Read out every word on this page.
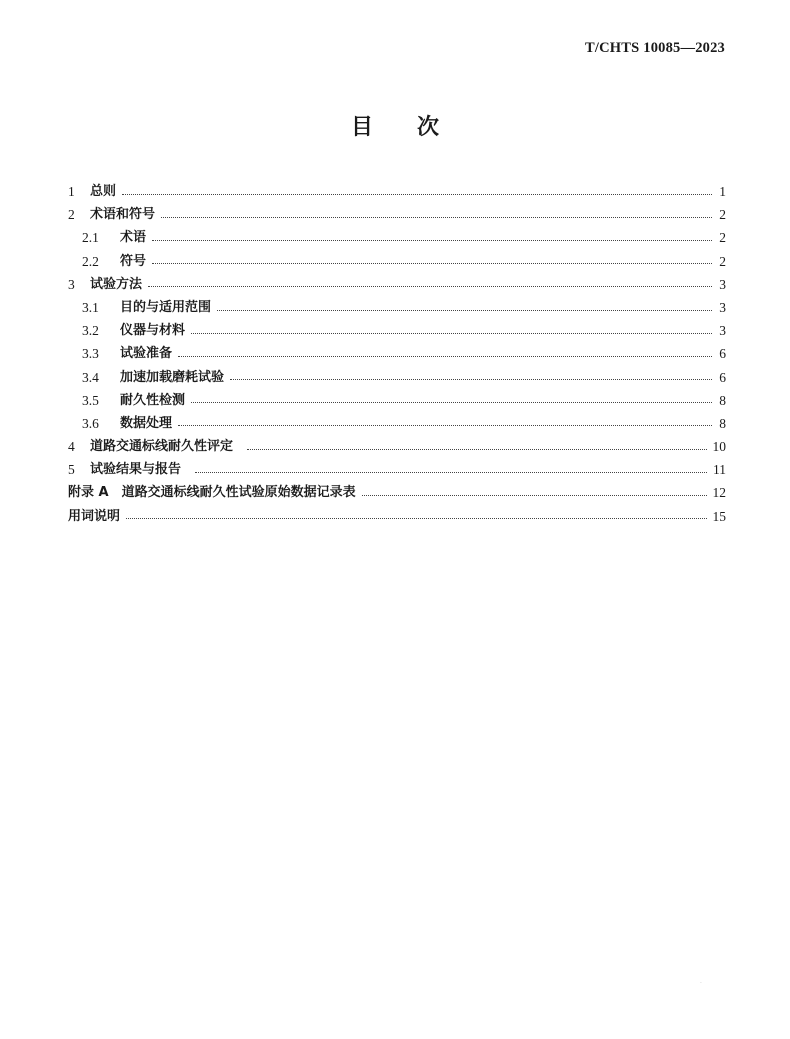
T/CHTS 10085—2023
目 次
1	总则	1
2	术语和符号	2
2.1	术语	2
2.2	符号	2
3	试验方法	3
3.1	目的与适用范围	3
3.2	仪器与材料	3
3.3	试验准备	6
3.4	加速加载磨耗试验	6
3.5	耐久性检测	8
3.6	数据处理	8
4	道路交通标线耐久性评定	10
5	试验结果与报告	11
附录 A　道路交通标线耐久性试验原始数据记录表	12
用词说明	15
·
